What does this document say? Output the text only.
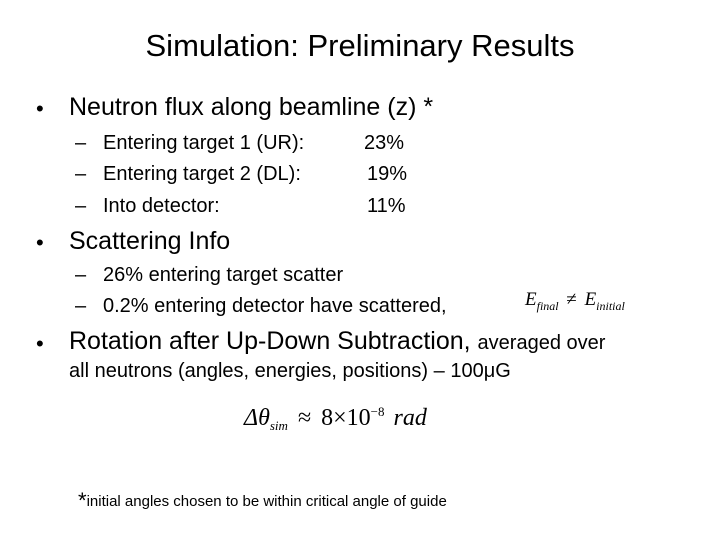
Simulation: Preliminary Results
• Neutron flux along beamline (z) *
– Entering target 1 (UR):	23%
– Entering target 2 (DL):	19%
– Into detector:	11%
• Scattering Info
– 26% entering target scatter
– 0.2% entering detector have scattered,	$E_{final} \ne E_{initial}$
• Rotation after Up-Down Subtraction, averaged over
all neutrons (angles, energies, positions) – 100μG
$\Delta\theta_{sim} \approx 8\times 10^{-8}$ rad
*initial angles chosen to be within critical angle of guide
